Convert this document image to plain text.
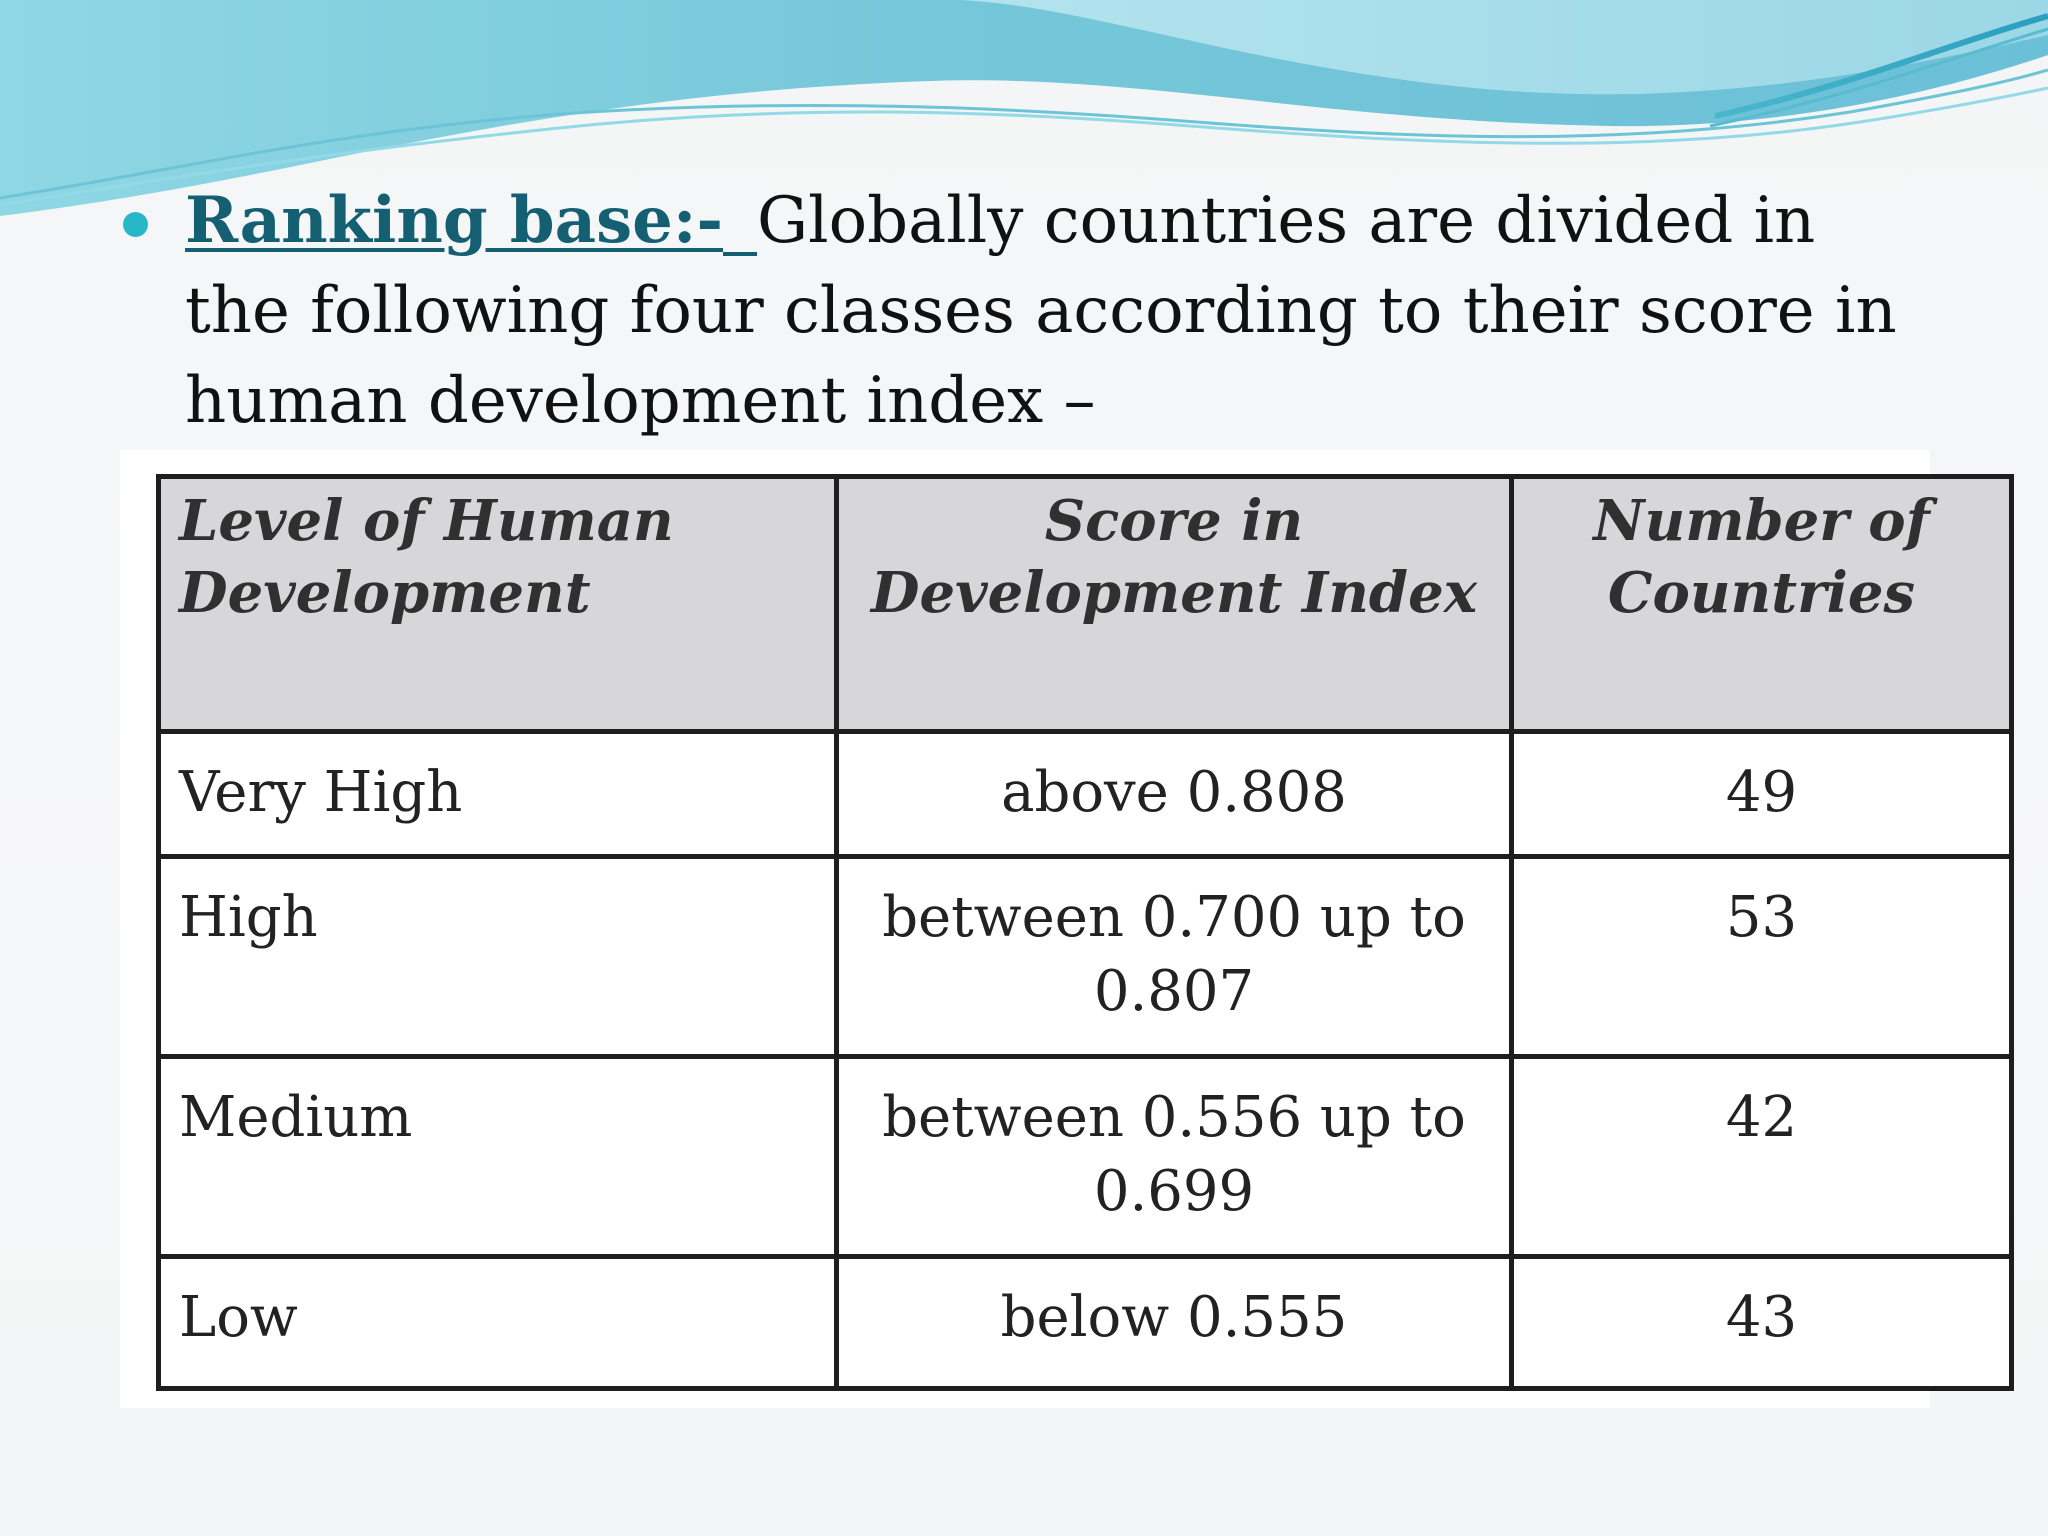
Ranking base:- Globally countries are divided in the following four classes according to their score in human development index –
Level of Human Development	Score in Development Index	Number of Countries
Very High	above 0.808	49
High	between 0.700 up to 0.807	53
Medium	between 0.556 up to 0.699	42
Low	below 0.555	43
